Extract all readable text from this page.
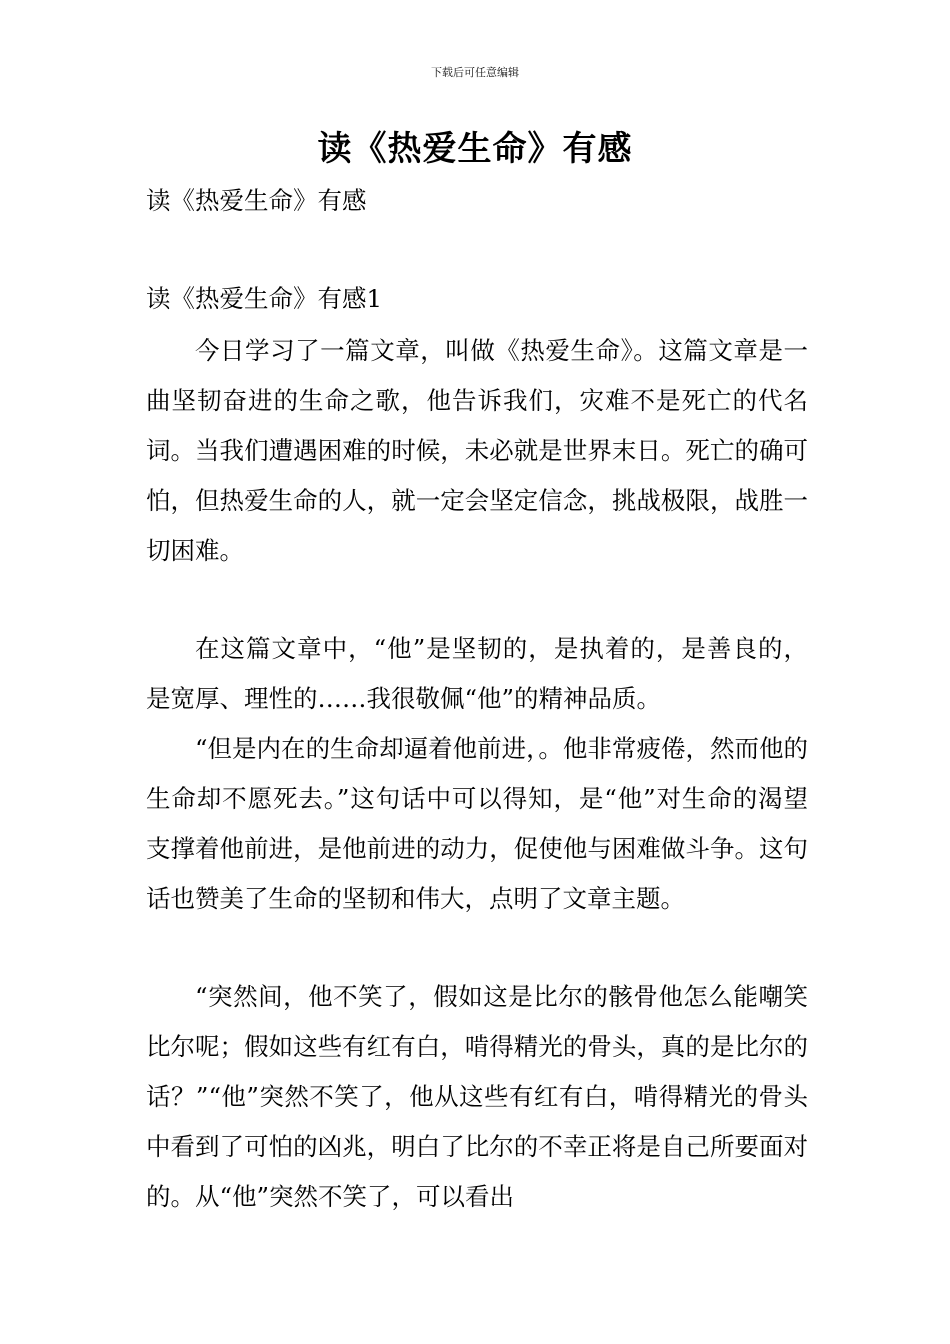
下载后可任意编辑
读《热爱生命》有感

读《热爱生命》有感

读《热爱生命》有感1

今日学习了一篇文章，叫做《热爱生命》。这篇文章是一曲坚韧奋进的生命之歌，他告诉我们，灾难不是死亡的代名词。当我们遭遇困难的时候，未必就是世界末日。死亡的确可怕，但热爱生命的人，就一定会坚定信念，挑战极限，战胜一切困难。

在这篇文章中，“他”是坚韧的，是执着的，是善良的，是宽厚、理性的……我很敬佩“他”的精神品质。

“但是内在的生命却逼着他前进，。他非常疲倦，然而他的生命却不愿死去。”这句话中可以得知，是“他”对生命的渴望支撑着他前进，是他前进的动力，促使他与困难做斗争。这句话也赞美了生命的坚韧和伟大，点明了文章主题。

“突然间，他不笑了，假如这是比尔的骸骨他怎么能嘲笑比尔呢；假如这些有红有白，啃得精光的骨头，真的是比尔的话？”“他”突然不笑了，他从这些有红有白，啃得精光的骨头中看到了可怕的凶兆，明白了比尔的不幸正将是自己所要面对的。从“他”突然不笑了，可以看出
